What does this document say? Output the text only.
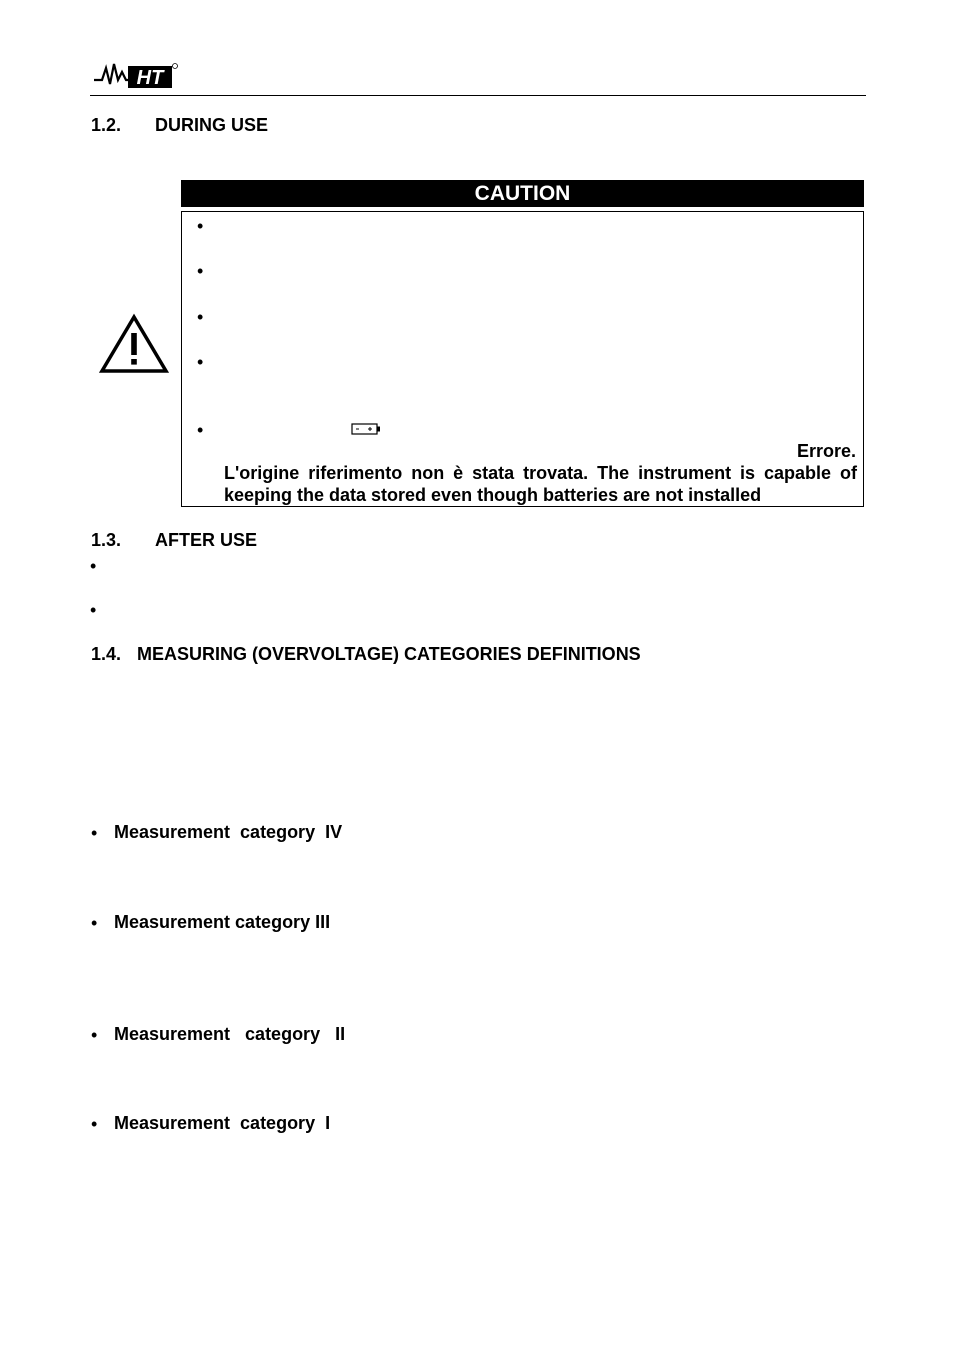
HT
1.2. DURING USE
CAUTION
•
•
•
•
•
Errore.
L'origine riferimento non è stata trovata. The instrument is capable of
keeping the data stored even though batteries are not installed
1.3. AFTER USE
•
•
1.4. MEASURING (OVERVOLTAGE) CATEGORIES DEFINITIONS
• Measurement  category  IV
• Measurement category III
• Measurement   category   II
• Measurement  category  I
